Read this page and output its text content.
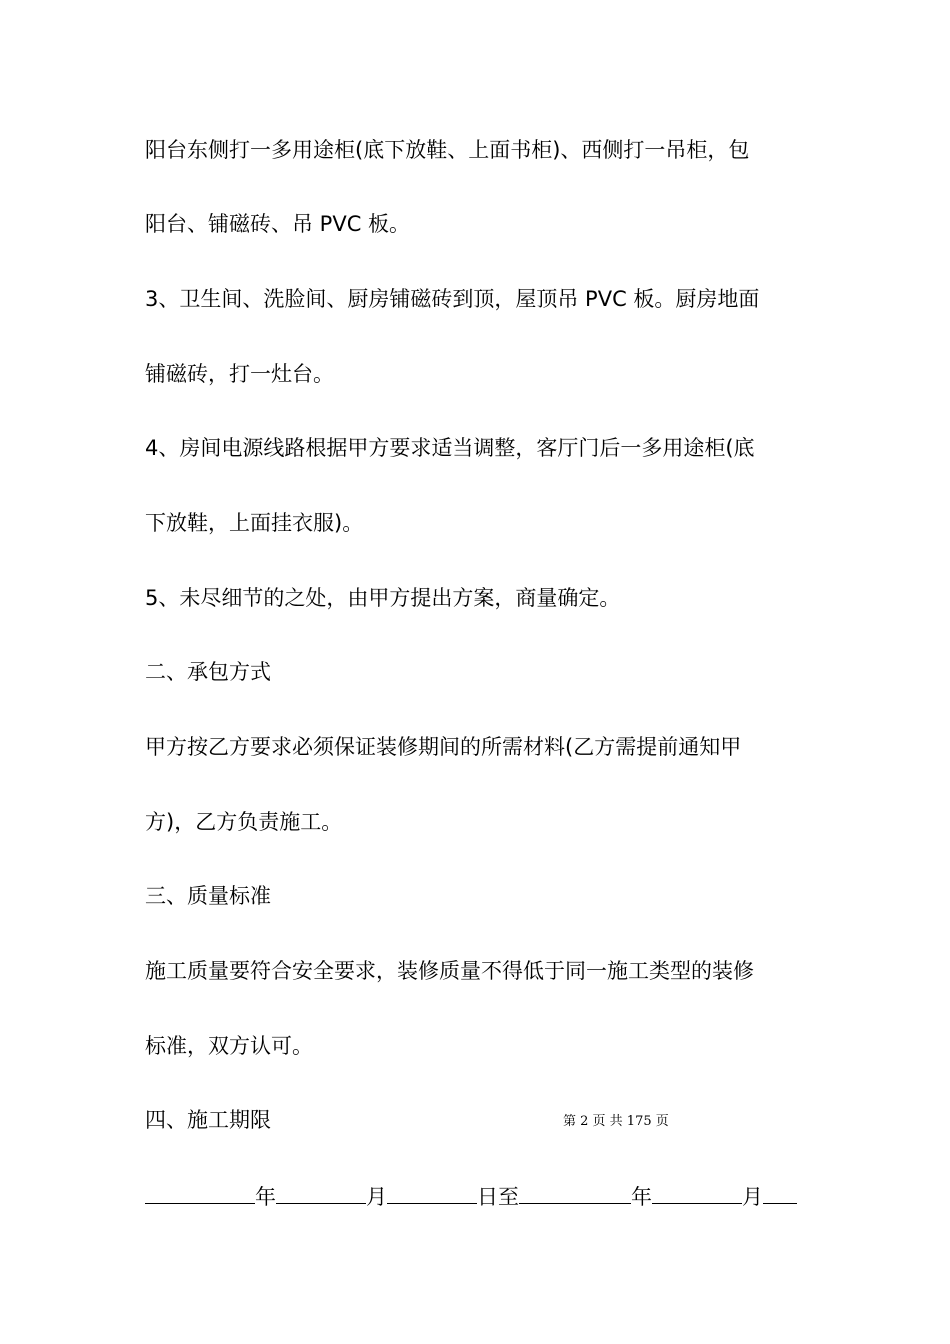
阳台东侧打一多用途柜(底下放鞋、上面书柜)、西侧打一吊柜，包

阳台、铺磁砖、吊 PVC 板。

3、卫生间、洗脸间、厨房铺磁砖到顶，屋顶吊 PVC 板。厨房地面

铺磁砖，打一灶台。

4、房间电源线路根据甲方要求适当调整，客厅门后一多用途柜(底

下放鞋，上面挂衣服)。

5、未尽细节的之处，由甲方提出方案，商量确定。

二、承包方式

甲方按乙方要求必须保证装修期间的所需材料(乙方需提前通知甲

方)，乙方负责施工。

三、质量标准

施工质量要符合安全要求，装修质量不得低于同一施工类型的装修

标准，双方认可。

四、施工期限	第 2 页 共 175 页

年	月	日至	年	月
